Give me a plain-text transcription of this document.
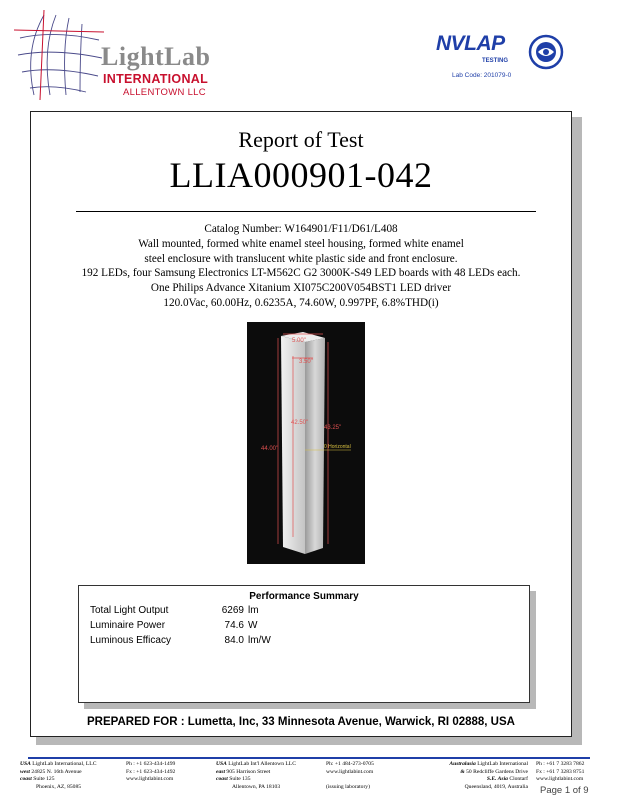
LightLab
INTERNATIONAL
ALLENTOWN LLC
NVLAP
TESTING
Lab Code: 201079-0
Report of Test
LLIA000901-042
Catalog Number: W164901/F11/D61/L408
Wall mounted, formed white enamel steel housing, formed white enamel
steel enclosure with translucent white plastic side and front enclosure.
192 LEDs, four Samsung Electronics LT-M562C G2 3000K-S49 LED boards with 48 LEDs each.
One Philips Advance Xitanium XI075C200V054BST1 LED driver
120.0Vac, 60.00Hz, 0.6235A, 74.60W, 0.997PF, 6.8%THD(i)
5.00"
3.50"
42.50"
43.25"
44.00"	0 Horizontal
Performance Summary
Total Light Output	6269 lm
Luminaire Power	74.6 W
Luminous Efficacy	84.0 lm/W
PREPARED FOR : Lumetta, Inc, 33 Minnesota Avenue, Warwick, RI 02888, USA
USA LightLab International, LLC
west 24825 N. 16th Avenue
coast Suite 125
Phoenix, AZ, 85085
Ph : +1 623-434-1499
Fx : +1 623-434-1492
www.lightlabint.com
USA LightLab Int'l Allentown LLC
east 905 Harrison Street
coast Suite 135
Allentown, PA 18103
Ph: +1 484-273-0705
www.lightlabint.com

(issuing laboratory)
Australasia LightLab International
& 50 Redcliffe Gardens Drive
S.E. Asia Clontarf
Queensland, 4019, Australia
Ph : +61 7 3283 7862
Fx : +61 7 3283 8751
www.lightlabint.com
Page 1 of 9
